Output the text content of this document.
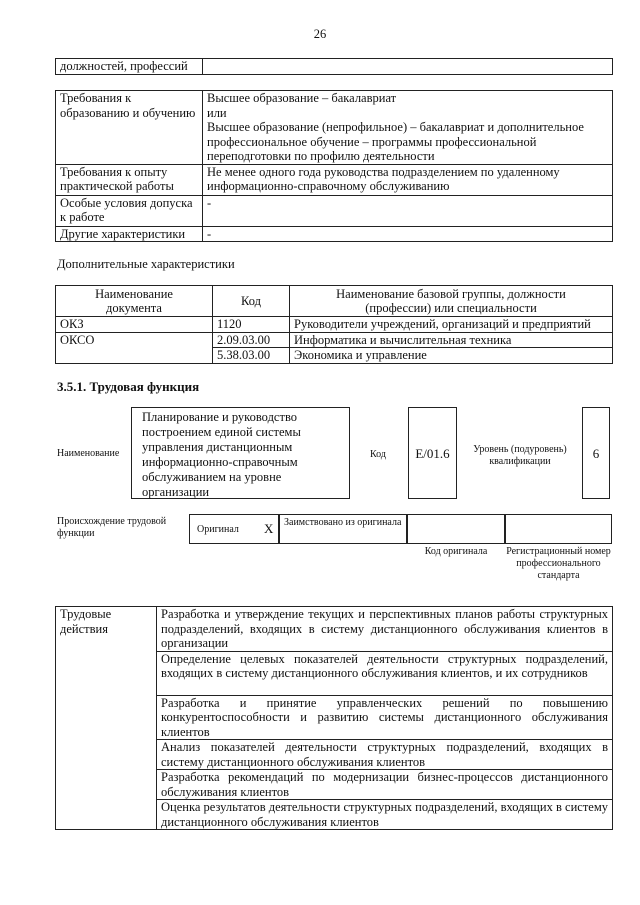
26
должностей, профессий	
Требования к образованию и обучению	Высшее образование – бакалавриат
или
Высшее образование (непрофильное) – бакалавриат и дополнительное профессиональное обучение – программы профессиональной переподготовки по профилю деятельности

Требования к опыту практической работы	Не менее одного года руководства подразделением по удаленному информационно-справочному обслуживанию

Особые условия допуска к работе	-

Другие характеристики	-
Дополнительные характеристики
Наименование документа	Код	Наименование базовой группы, должности (профессии) или специальности
ОКЗ	1120	Руководители учреждений, организаций и предприятий
ОКСО	2.09.03.00	Информатика и вычислительная техника
	5.38.03.00	Экономика и управление
3.5.1. Трудовая функция
Наименование
Планирование и руководство построением единой системы управления дистанционным информационно-справочным обслуживанием на уровне организации
Код E/01.6	Уровень (подуровень) квалификации
6
Происхождение трудовой функции	Оригинал X	Заимствовано из оригинала
Код оригинала	Регистрационный номер профессионального стандарта
Трудовые действия	Разработка и утверждение текущих и перспективных планов работы структурных подразделений, входящих в систему дистанционного обслуживания клиентов в организации
Определение целевых показателей деятельности структурных подразделений, входящих в систему дистанционного обслуживания клиентов, и их сотрудников
Разработка и принятие управленческих решений по повышению конкурентоспособности и развитию системы дистанционного обслуживания клиентов
Анализ показателей деятельности структурных подразделений, входящих в систему дистанционного обслуживания клиентов
Разработка рекомендаций по модернизации бизнес-процессов дистанционного обслуживания клиентов
Оценка результатов деятельности структурных подразделений, входящих в систему дистанционного обслуживания клиентов
